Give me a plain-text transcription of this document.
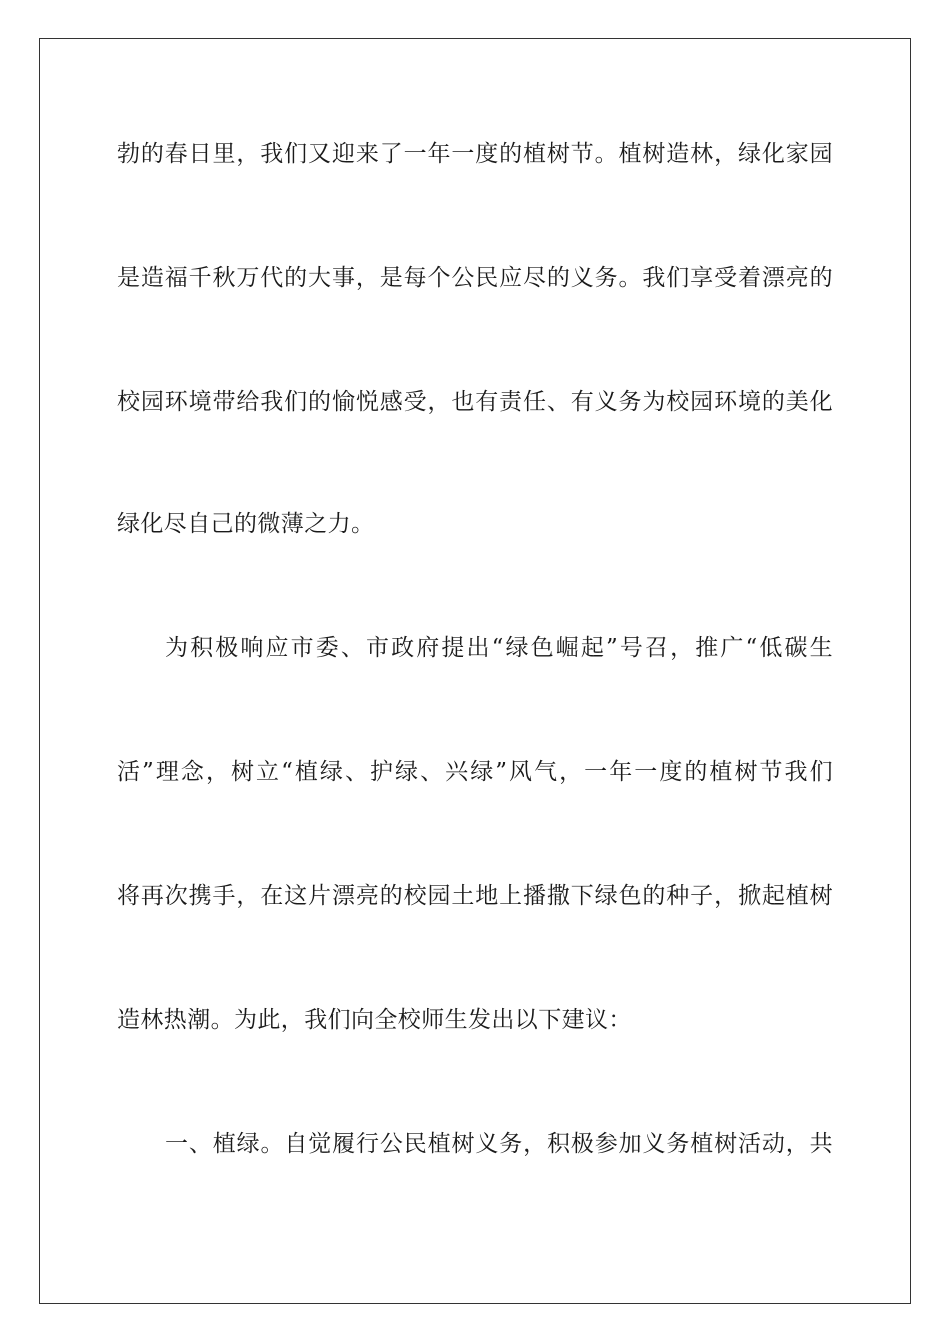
勃的春日里，我们又迎来了一年一度的植树节。植树造林，绿化家园
是造福千秋万代的大事，是每个公民应尽的义务。我们享受着漂亮的
校园环境带给我们的愉悦感受，也有责任、有义务为校园环境的美化
绿化尽自己的微薄之力。
为积极响应市委、市政府提出“绿色崛起”号召，推广“低碳生
活”理念，树立“植绿、护绿、兴绿”风气，一年一度的植树节我们
将再次携手，在这片漂亮的校园土地上播撒下绿色的种子，掀起植树
造林热潮。为此，我们向全校师生发出以下建议：
一、植绿。自觉履行公民植树义务，积极参加义务植树活动，共
